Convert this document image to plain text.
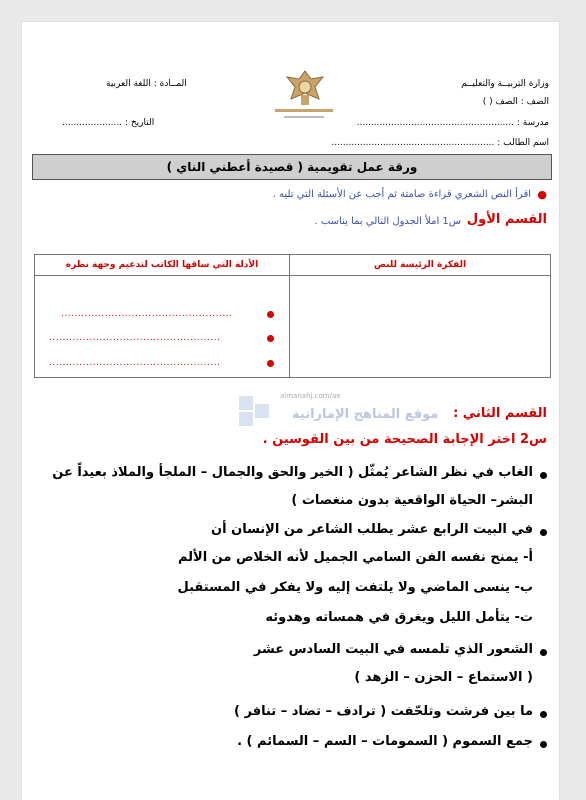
وزارة التربيــة والتعليــم
الصف : الصف ( )
مدرسة : .......................................................
اسم الطالب : .........................................................
المــادة : اللغة العربية
التاريخ : .....................
ورقة عمل تقويمية ( قصيدة أعطني الناي )
●
اقرأ النص الشعري قراءة صامتة ثم أجب عن الأسئلة التي تليه .
القسم الأول
س1 املأ الجدول التالي بما يناسب .
الفكرة الرئيسة للنص
الأدلة التي ساقها الكاتب لتدعيم وجهة نظره
...................................................
...................................................
...................................................
almanahj.com/ae
موقع المناهج الإماراتية القسم الثاني :
س2 اختر الإجابة الصحيحة من بين القوسين .
الغاب في نظر الشاعر يُمثّل ( الخير والحق والجمال – الملجأ والملاذ بعيداً عن
البشر– الحياة الواقعية بدون منغصات )
في البيت الرابع عشر يطلب الشاعر من الإنسان أن
أ- يمنح نفسه الفن السامي الجميل لأنه الخلاص من الألم
ب- ينسى الماضي ولا يلتفت إليه ولا يفكر في المستقبل
ت- يتأمل الليل ويغرق في همساته وهدوئه
الشعور الذي تلمسه في البيت السادس عشر
( الاستماع – الحزن – الزهد )
ما بين فرشت وتلحّفت ( ترادف – تضاد – تنافر )
جمع السموم ( السمومات – السم – السمائم ) .
